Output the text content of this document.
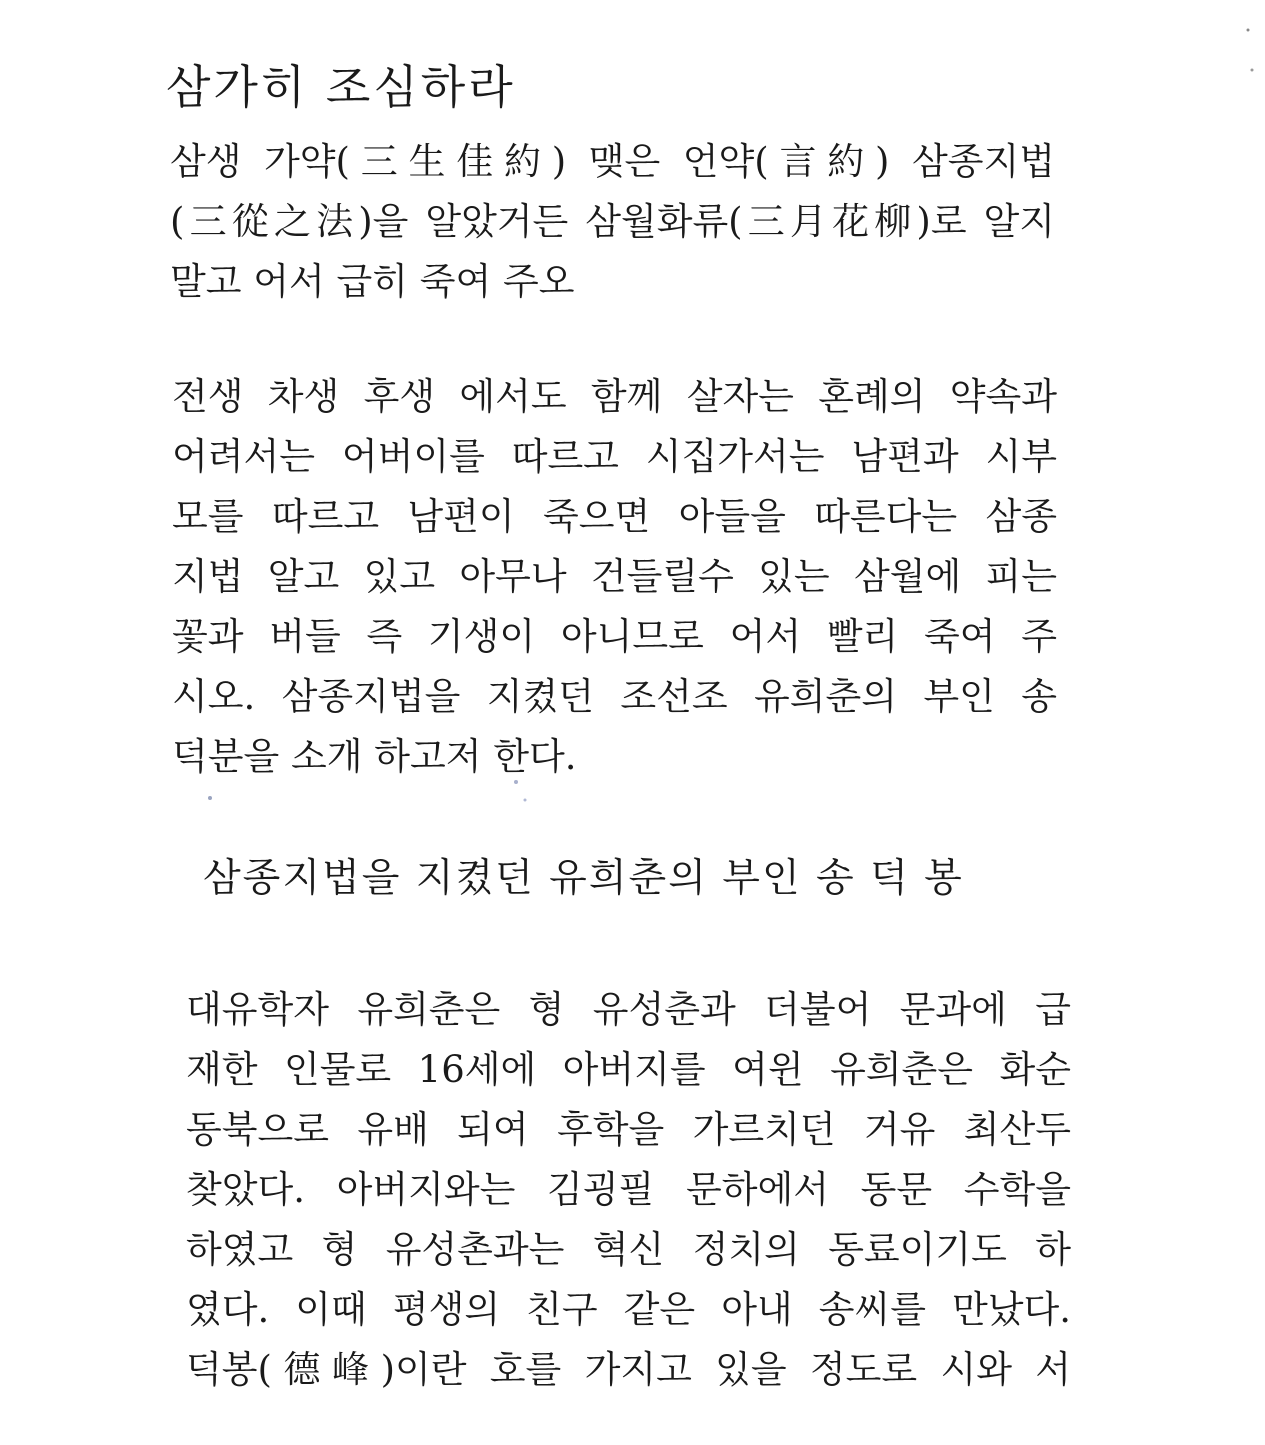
삼가히 조심하라

삼생 가약(三生佳約) 맺은 언약(言約) 삼종지법

(三從之法)을 알았거든 삼월화류(三月花柳)로 알지

말고 어서 급히 죽여 주오

전생 차생 후생 에서도 함께 살자는 혼례의 약속과

어려서는 어버이를 따르고 시집가서는 남편과 시부

모를 따르고 남편이 죽으면 아들을 따른다는 삼종

지법 알고 있고 아무나 건들릴수 있는 삼월에 피는

꽃과 버들 즉 기생이 아니므로 어서 빨리 죽여 주

시오. 삼종지법을 지켰던 조선조 유희춘의 부인 송

덕분을 소개 하고저 한다.

삼종지법을 지켰던 유희춘의 부인 송 덕 봉

대유학자 유희춘은 형 유성춘과 더불어 문과에 급

재한 인물로 16세에 아버지를 여윈 유희춘은 화순

동북으로 유배 되여 후학을 가르치던 거유 최산두

찾았다. 아버지와는 김굉필 문하에서 동문 수학을

하였고 형 유성촌과는 혁신 정치의 동료이기도 하

였다. 이때 평생의 친구 같은 아내 송씨를 만났다.

덕봉(德峰)이란 호를 가지고 있을 정도로 시와 서
